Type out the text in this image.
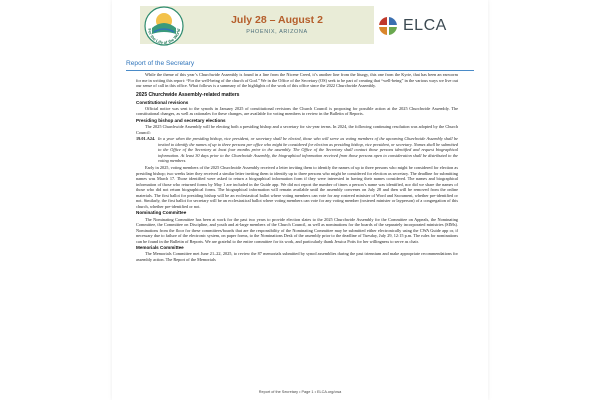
For the Life of the World
July 28 – August 2
PHOENIX, ARIZONA	ELCA
Report of the Secretary

While the theme of this year’s Churchwide Assembly is found in a line from the Nicene Creed, it’s another line from the liturgy, this one from the Kyrie, that has been an earworm for me in writing this report: “For the well-being of the church of God.” We in the Office of the Secretary (OS) seek to be part of creating that “well-being” in the various ways we live out our sense of call in this office. What follows is a summary of the highlights of the work of this office since the 2022 Churchwide Assembly.

2025 Churchwide Assembly-related matters
Constitutional revisions

Official notice was sent to the synods in January 2025 of constitutional revisions the Church Council is proposing for possible action at the 2025 Churchwide Assembly. The constitutional changes, as well as rationales for these changes, are available for voting members to review in the Bulletin of Reports.

Presiding bishop and secretary elections

The 2025 Churchwide Assembly will be electing both a presiding bishop and a secretary for six-year terms. In 2024, the following continuing resolution was adopted by the Church Council:

19.01.A24. In a year when the presiding bishop, vice president, or secretary shall be elected, those who will serve as voting members of the upcoming Churchwide Assembly shall be invited to identify the names of up to three persons per office who might be considered for election as presiding bishop, vice president, or secretary. Names shall be submitted to the Office of the Secretary at least four months prior to the assembly. The Office of the Secretary shall contact those persons identified and request biographical information. At least 30 days prior to the Churchwide Assembly, the biographical information received from those persons open to consideration shall be distributed to the voting members.

Early in 2025, voting members of the 2025 Churchwide Assembly received a letter inviting them to identify the names of up to three persons who might be considered for election as presiding bishop; two weeks later they received a similar letter inviting them to identify up to three persons who might be considered for election as secretary. The deadline for submitting names was March 17. Those identified were asked to return a biographical information form if they were interested in having their names considered. The names and biographical information of those who returned forms by May 1 are included in the Guide app. We did not report the number of times a person’s name was identified, nor did we share the names of those who did not return biographical forms. The biographical information will remain available until the assembly convenes on July 28 and then will be removed from the online materials. The first ballot for presiding bishop will be an ecclesiastical ballot where voting members can vote for any rostered minister of Word and Sacrament, whether pre-identified or not. Similarly, the first ballot for secretary will be an ecclesiastical ballot where voting members can vote for any voting member (rostered minister or layperson) of a congregation of this church, whether pre-identified or not.

Nominating Committee

The Nominating Committee has been at work for the past two years to provide election slates to the 2025 Churchwide Assembly for the Committee on Appeals, the Nominating Committee, the Committee on Discipline, and youth and at-large members of the Church Council, as well as nominations for the boards of the separately incorporated ministries (SIMs). Nominations from the floor for these committees/boards that are the responsibility of the Nominating Committee may be submitted either electronically using the CWA Guide app or, if necessary due to failure of the electronic system, on paper forms, to the Nominations Desk of the assembly prior to the deadline of Tuesday, July 29, 12:15 p.m. The rules for nominations can be found in the Bulletin of Reports. We are grateful to the entire committee for its work, and particularly thank Jessica Potts for her willingness to serve as chair.

Memorials Committee

The Memorials Committee met June 21–22, 2025, to review the 87 memorials submitted by synod assemblies during the past triennium and make appropriate recommendations for assembly action. The Report of the Memorials

Report of the Secretary • Page 1 • ELCA.org/cwa
